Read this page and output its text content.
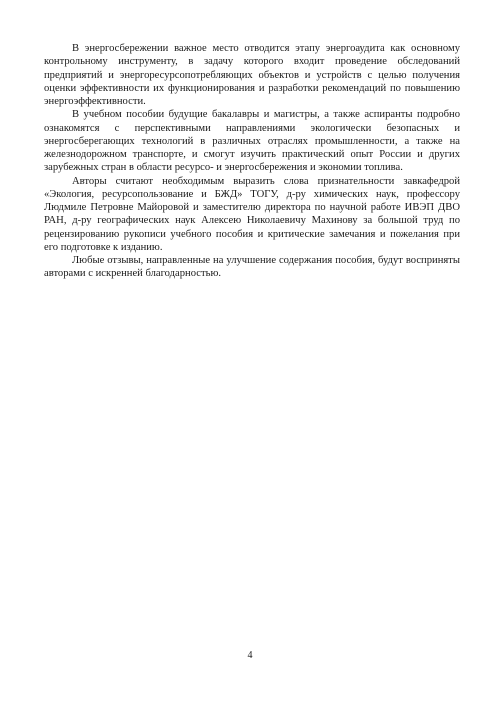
В энергосбережении важное место отводится этапу энергоаудита как основному контрольному инструменту, в задачу которого входит проведение обследований предприятий и энергоресурсопотребляющих объектов и устройств с целью получения оценки эффективности их функционирования и разработки рекомендаций по повышению энергоэффективности.

В учебном пособии будущие бакалавры и магистры, а также аспиранты подробно ознакомятся с перспективными направлениями экологически безопасных и энергосберегающих технологий в различных отраслях промышленности, а также на железнодорожном транспорте, и смогут изучить практический опыт России и других зарубежных стран в области ресурсо- и энергосбережения и экономии топлива.

Авторы считают необходимым выразить слова признательности завкафедрой «Экология, ресурсопользование и БЖД» ТОГУ, д-ру химических наук, профессору Людмиле Петровне Майоровой и заместителю директора по научной работе ИВЭП ДВО РАН, д-ру географических наук Алексею Николаевичу Махинову за большой труд по рецензированию рукописи учебного пособия и критические замечания и пожелания при его подготовке к изданию.

Любые отзывы, направленные на улучшение содержания пособия, будут восприняты авторами с искренней благодарностью.

4
